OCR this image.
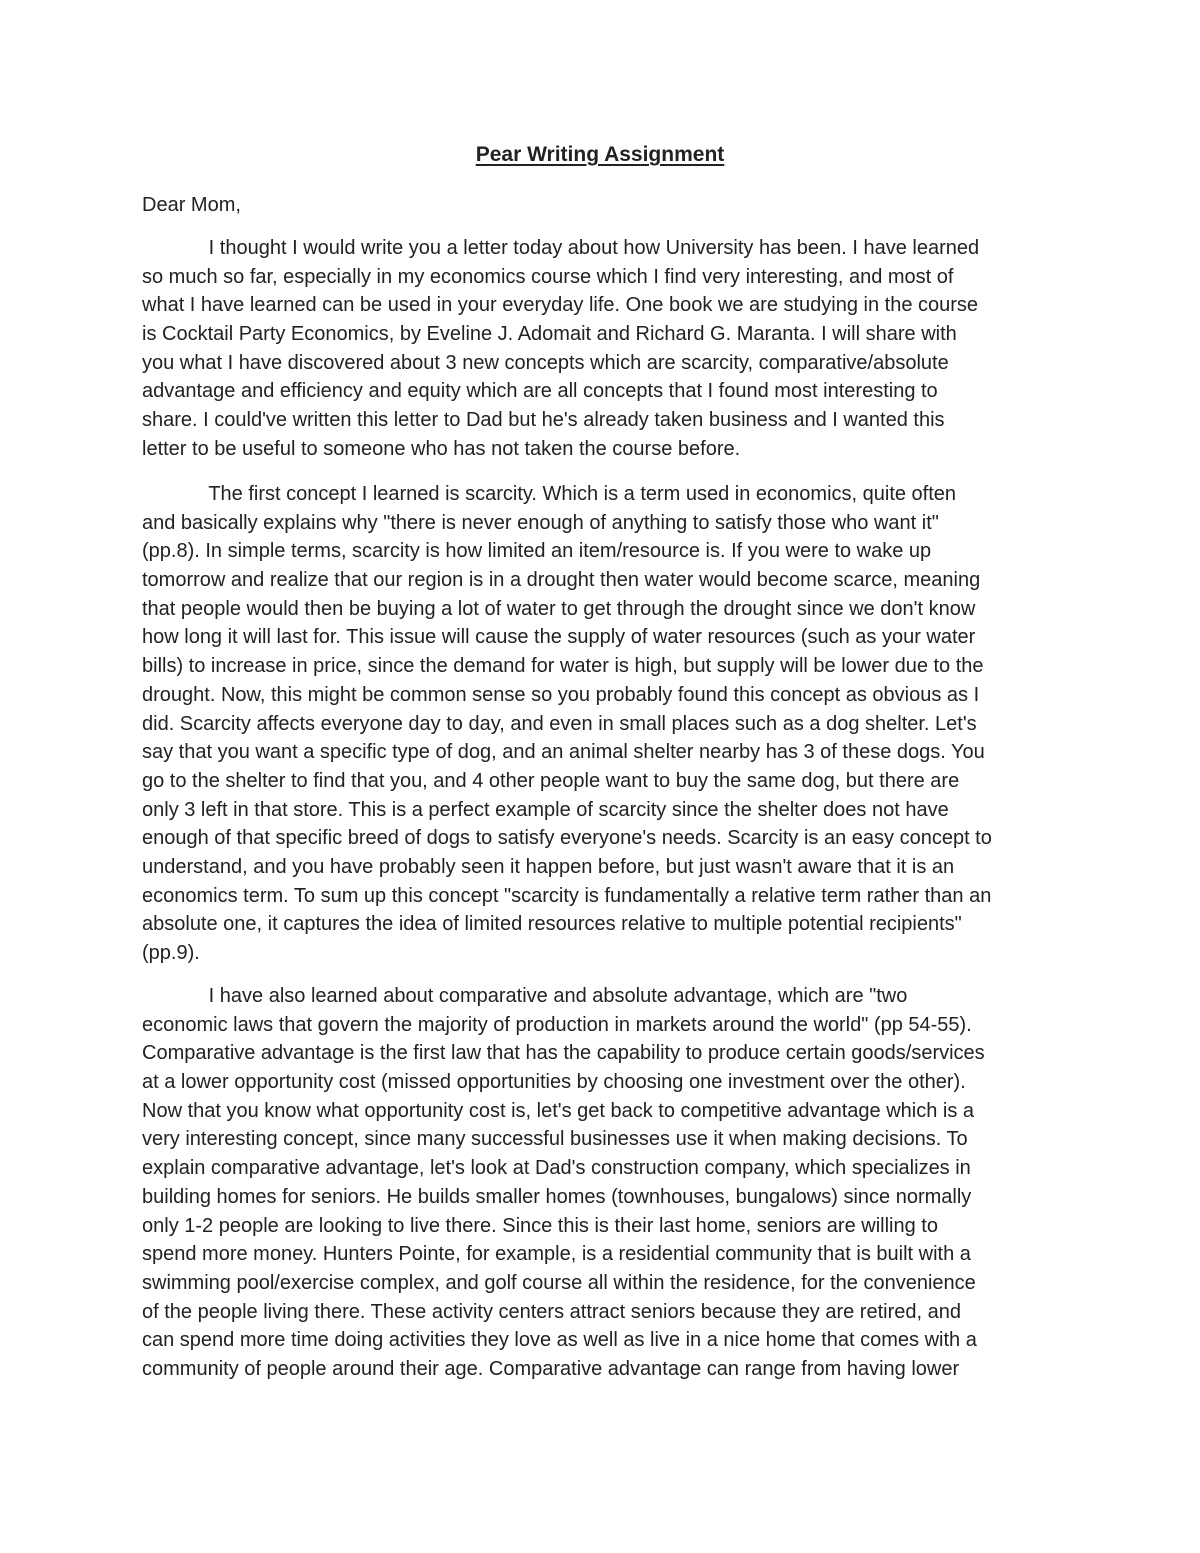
Pear Writing Assignment
Dear Mom,
I thought I would write you a letter today about how University has been. I have learned
so much so far, especially in my economics course which I find very interesting, and most of
what I have learned can be used in your everyday life. One book we are studying in the course
is Cocktail Party Economics, by Eveline J. Adomait and Richard G. Maranta. I will share with
you what I have discovered about 3 new concepts which are scarcity, comparative/absolute
advantage and efficiency and equity which are all concepts that I found most interesting to
share. I could've written this letter to Dad but he's already taken business and I wanted this
letter to be useful to someone who has not taken the course before.
The first concept I learned is scarcity. Which is a term used in economics, quite often
and basically explains why "there is never enough of anything to satisfy those who want it"
(pp.8). In simple terms, scarcity is how limited an item/resource is. If you were to wake up
tomorrow and realize that our region is in a drought then water would become scarce, meaning
that people would then be buying a lot of water to get through the drought since we don't know
how long it will last for. This issue will cause the supply of water resources (such as your water
bills) to increase in price, since the demand for water is high, but supply will be lower due to the
drought. Now, this might be common sense so you probably found this concept as obvious as I
did. Scarcity affects everyone day to day, and even in small places such as a dog shelter. Let's
say that you want a specific type of dog, and an animal shelter nearby has 3 of these dogs. You
go to the shelter to find that you, and 4 other people want to buy the same dog, but there are
only 3 left in that store. This is a perfect example of scarcity since the shelter does not have
enough of that specific breed of dogs to satisfy everyone's needs. Scarcity is an easy concept to
understand, and you have probably seen it happen before, but just wasn't aware that it is an
economics term. To sum up this concept "scarcity is fundamentally a relative term rather than an
absolute one, it captures the idea of limited resources relative to multiple potential recipients"
(pp.9).
I have also learned about comparative and absolute advantage, which are "two
economic laws that govern the majority of production in markets around the world" (pp 54-55).
Comparative advantage is the first law that has the capability to produce certain goods/services
at a lower opportunity cost (missed opportunities by choosing one investment over the other).
Now that you know what opportunity cost is, let's get back to competitive advantage which is a
very interesting concept, since many successful businesses use it when making decisions. To
explain comparative advantage, let's look at Dad's construction company, which specializes in
building homes for seniors. He builds smaller homes (townhouses, bungalows) since normally
only 1-2 people are looking to live there. Since this is their last home, seniors are willing to
spend more money. Hunters Pointe, for example, is a residential community that is built with a
swimming pool/exercise complex, and golf course all within the residence, for the convenience
of the people living there. These activity centers attract seniors because they are retired, and
can spend more time doing activities they love as well as live in a nice home that comes with a
community of people around their age. Comparative advantage can range from having lower
